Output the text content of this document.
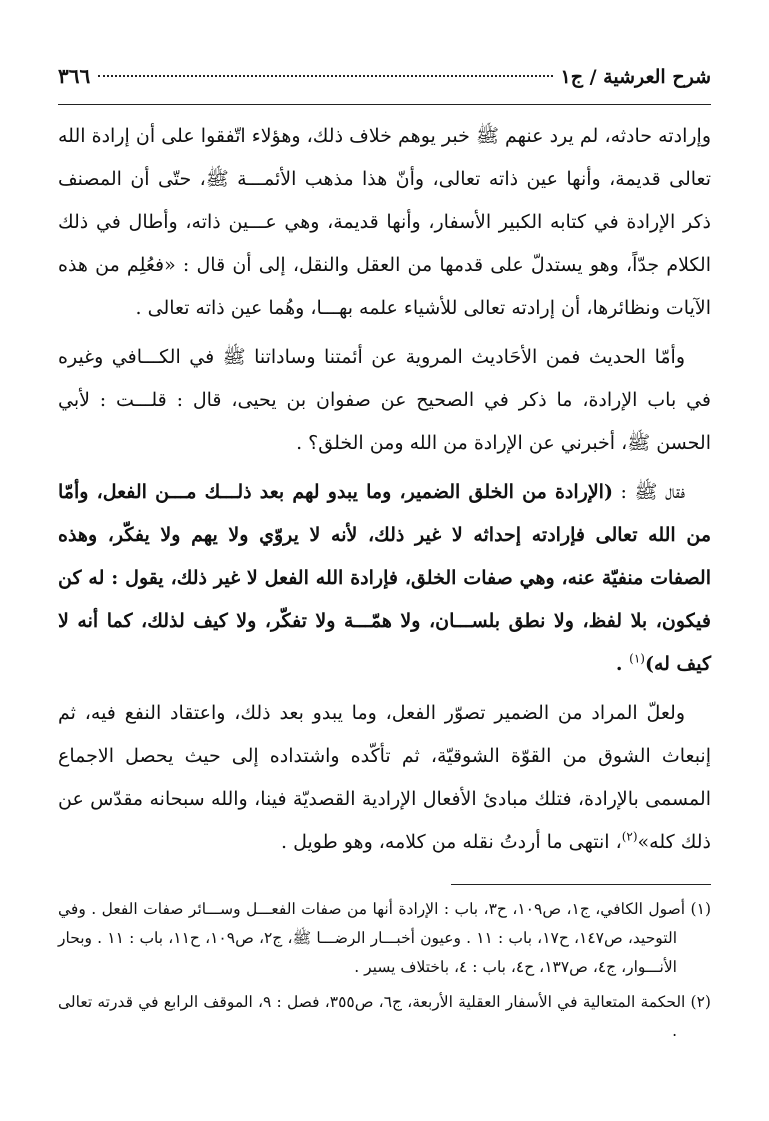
شرح العرشية / ج١
٣٦٦

وإرادته حادثه، لم يرد عنهم ﷺ خبر يوهم خلاف ذلك، وهؤلاء اتّفقوا على أن إرادة الله تعالى قديمة، وأنها عين ذاته تعالى، وأنّ هذا مذهب الأئمـــة ﷺ، حتّى أن المصنف ذكر الإرادة في كتابه الكبير الأسفار، وأنها قديمة، وهي عـــين ذاته، وأطال في ذلك الكلام جدّاً، وهو يستدلّ على قدمها من العقل والنقل، إلى أن قال : «فعُلِم من هذه الآيات ونظائرها، أن إرادته تعالى للأشياء علمه بهـــا، وهُما عين ذاته تعالى .

وأمّا الحديث فمن الأحَاديث المروية عن أئمتنا وساداتنا ﷺ في الكـــافي وغيره في باب الإرادة، ما ذكر في الصحيح عن صفوان بن يحيى، قال : قلـــت : لأبي الحسن ﷺ، أخبرني عن الإرادة من الله ومن الخلق؟ .

فقال ﷺ : (الإرادة من الخلق الضمير، وما يبدو لهم بعد ذلـــك مـــن الفعل، وأمّا من الله تعالى فإرادته إحداثه لا غير ذلك، لأنه لا يروّي ولا يهم ولا يفكّر، وهذه الصفات منفيّة عنه، وهي صفات الخلق، فإرادة الله الفعل لا غير ذلك، يقول : له كن فيكون، بلا لفظ، ولا نطق بلســـان، ولا همّـــة ولا تفكّر، ولا كيف لذلك، كما أنه لا كيف له)$^{(١)}$ .

ولعلّ المراد من الضمير تصوّر الفعل، وما يبدو بعد ذلك، واعتقاد النفع فيه، ثم إنبعاث الشوق من القوّة الشوقيّة، ثم تأكّده واشتداده إلى حيث يحصل الاجماع المسمى بالإرادة، فتلك مبادئ الأفعال الإرادية القصديّة فينا، والله سبحانه مقدّس عن ذلك كله»$^{(٢)}$، انتهى ما أردتُ نقله من كلامه، وهو طويل .

(١) أصول الكافي، ج١، ص١٠٩، ح٣، باب : الإرادة أنها من صفات الفعـــل وســـائر صفات الفعل . وفي التوحيد، ص١٤٧، ح١٧، باب : ١١ . وعيون أخبـــار الرضـــا ﷺ، ج٢، ص١٠٩، ح١١، باب : ١١ . وبحار الأنـــوار، ج٤، ص١٣٧، ح٤، باب : ٤، باختلاف يسير .

(٢) الحكمة المتعالية في الأسفار العقلية الأربعة، ج٦، ص٣٥٥، فصل : ٩، الموقف الرابع في قدرته تعالى .
